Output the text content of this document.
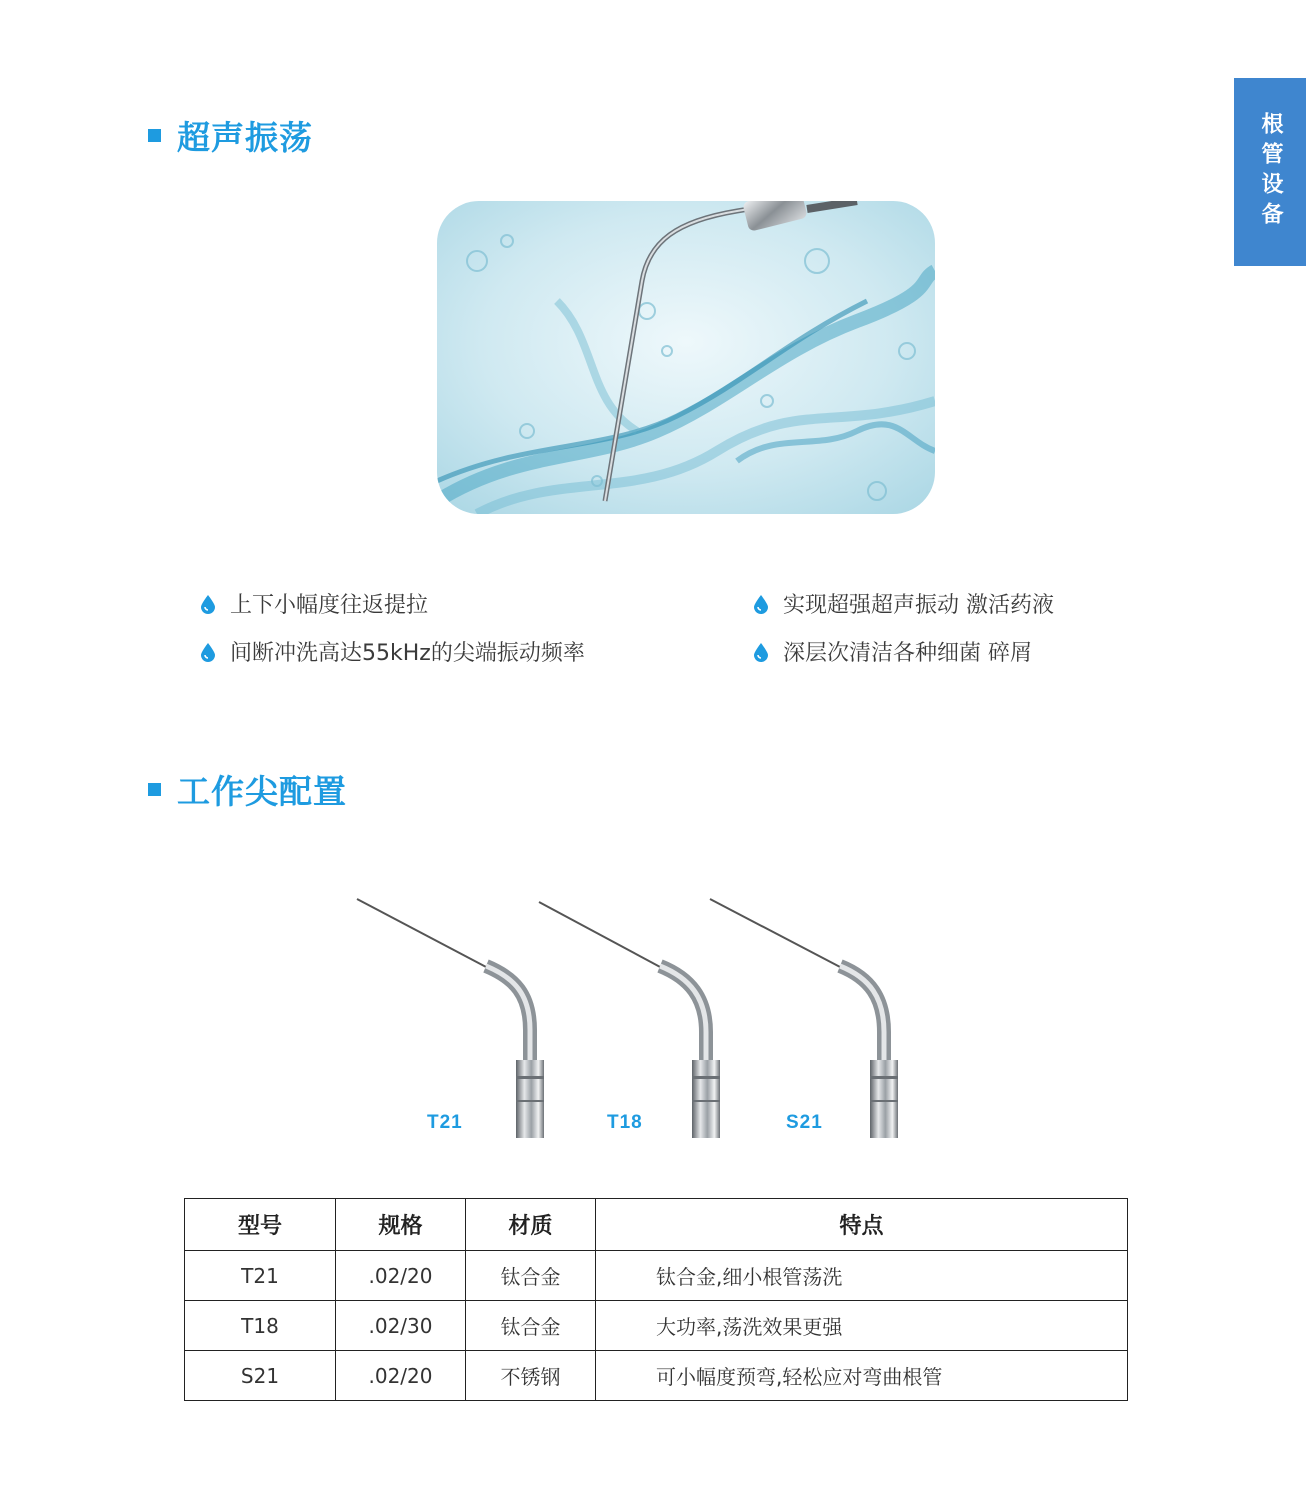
根管设备
超声振荡
上下小幅度往返提拉	实现超强超声振动 激活药液
间断冲洗高达55kHz的尖端振动频率	深层次清洁各种细菌 碎屑
工作尖配置
T21	T18	S21
型号	规格	材质	特点
T21	.02/20	钛合金	钛合金,细小根管荡洗
T18	.02/30	钛合金	大功率,荡洗效果更强
S21	.02/20	不锈钢	可小幅度预弯,轻松应对弯曲根管
